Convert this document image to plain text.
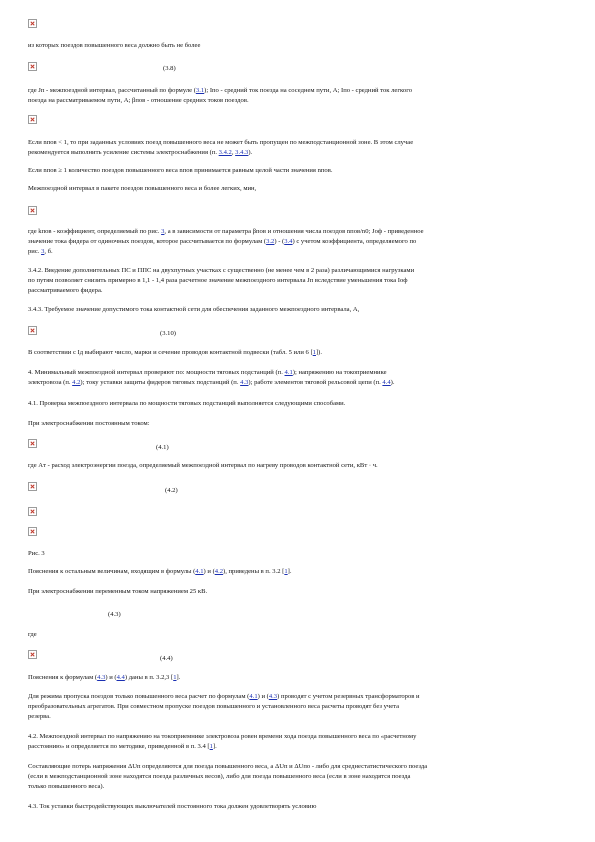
из которых поездов повышенного веса должно быть не более
(3.8)
где Jп - межпоездной интервал, рассчитанный по формуле (3.1); Iпо - средний ток поезда на соседнем пути, А; Iпо - средний ток легкого
поезда на рассматриваемом пути, А; βпов - отношение средних токов поездов.
Если nпов < 1, то при заданных условиях поезд повышенного веса не может быть пропущен по межподстанционной зоне. В этом случае
рекомендуется выполнить усиление системы электроснабжения (п. 3.4.2, 3.4.3).
Если nпов ≥ 1 количество поездов повышенного веса nпов принимается равным целой части значения nпов.
Межпоездной интервал в пакете поездов повышенного веса и более легких, мин,
где kпов - коэффициент, определяемый по рис. 3, а в зависимости от параметра βпов и отношения числа поездов nпов/n0; Jоф - приведенное
значение тока фидера от одиночных поездов, которое рассчитывается по формулам (3.2) - (3.4) с учетом коэффициента, определяемого по
рис. 3, б.
3.4.2. Введение дополнительных ПС и ППС на двухпутных участках с существенно (не менее чем в 2 раза) различающимися нагрузками
по путям позволяет снизить примерно в 1,1 - 1,4 раза расчетное значение межпоездного интервала Jп вследствие уменьшения тока Iоф
рассматриваемого фидера.
3.4.3. Требуемое значение допустимого тока контактной сети для обеспечения заданного межпоездного интервала, А,
(3.10)
В соответствии с Iд выбирают число, марки и сечение проводов контактной подвески (табл. 5 или 6 [1]).
4. Минимальный межпоездной интервал проверяют по: мощности тяговых подстанций (п. 4.1); напряжению на токоприемнике
электровоза (п. 4.2); току уставки защиты фидеров тяговых подстанций (п. 4.3); работе элементов тяговой рельсовой цепи (п. 4.4).
4.1. Проверка межпоездного интервала по мощности тяговых подстанций выполняется следующими способами.
При электроснабжении постоянным током:
(4.1)
где Aт - расход электроэнергии поезда, определяемый межпоездной интервал по нагреву проводов контактной сети, кВт · ч.
(4.2)
Рис. 3
Пояснения к остальным величинам, входящим в формулы (4.1) и (4.2), приведены в п. 3.2 [1].
При электроснабжении переменным током напряжением 25 кВ.
(4.3)
где
(4.4)
Пояснения к формулам (4.3) и (4.4) даны в п. 3.2,3 [1].
Для режима пропуска поездов только повышенного веса расчет по формулам (4.1) и (4.3) проводят с учетом резервных трансформаторов и
преобразовательных агрегатов. При совместном пропуске поездов повышенного и установленного веса расчеты проводят без учета
резерва.
4.2. Межпоездной интервал по напряжению на токоприемнике электровоза ровен времени хода поезда повышенного веса по «расчетному
расстоянию» и определяется по методике, приведенной в п. 3.4 [1].
Составляющие потерь напряжения ΔUп определяются для поезда повышенного веса, а ΔUп и ΔUпо - либо для среднестатистического поезда
(если в межподстанционной зоне находятся поезда различных весов), либо для поезда повышенного веса (если в зоне находятся поезда
только повышенного веса).
4.3. Ток уставки быстродействующих выключателей постоянного тока должен удовлетворять условию
